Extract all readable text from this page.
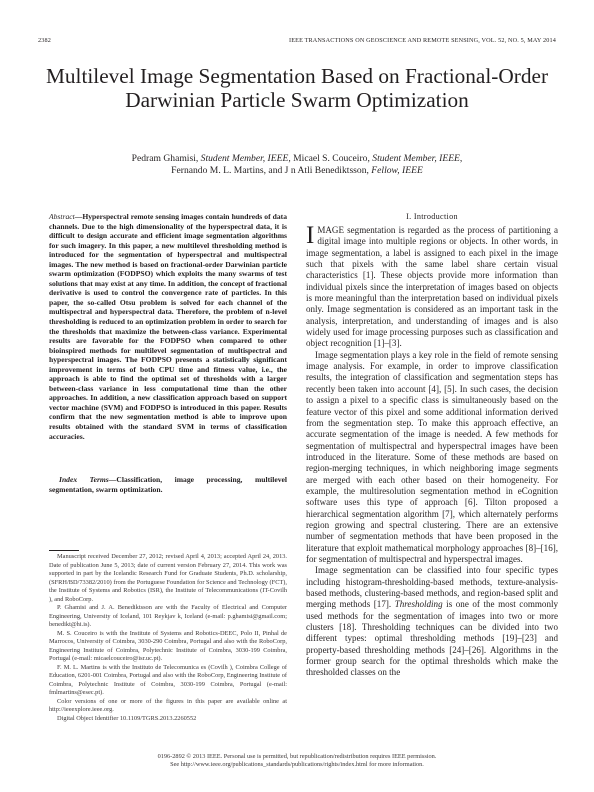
2382	IEEE TRANSACTIONS ON GEOSCIENCE AND REMOTE SENSING, VOL. 52, NO. 5, MAY 2014
Multilevel Image Segmentation Based on Fractional-Order Darwinian Particle Swarm Optimization
Pedram Ghamisi, Student Member, IEEE, Micael S. Couceiro, Student Member, IEEE,
Fernando M. L. Martins, and J n Atli Benediktsson, Fellow, IEEE
Abstract—Hyperspectral remote sensing images contain hundreds of data channels. Due to the high dimensionality of the hyperspectral data, it is difficult to design accurate and efficient image segmentation algorithms for such imagery. In this paper, a new multilevel thresholding method is introduced for the segmentation of hyperspectral and multispectral images. The new method is based on fractional-order Darwinian particle swarm optimization (FODPSO) which exploits the many swarms of test solutions that may exist at any time. In addition, the concept of fractional derivative is used to control the convergence rate of particles. In this paper, the so-called Otsu problem is solved for each channel of the multispectral and hyperspectral data. Therefore, the problem of n-level thresholding is reduced to an optimization problem in order to search for the thresholds that maximize the between-class variance. Experimental results are favorable for the FODPSO when compared to other bioinspired methods for multilevel segmentation of multispectral and hyperspectral images. The FODPSO presents a statistically significant improvement in terms of both CPU time and fitness value, i.e., the approach is able to find the optimal set of thresholds with a larger between-class variance in less computational time than the other approaches. In addition, a new classification approach based on support vector machine (SVM) and FODPSO is introduced in this paper. Results confirm that the new segmentation method is able to improve upon results obtained with the standard SVM in terms of classification accuracies.
Index Terms—Classification, image processing, multilevel segmentation, swarm optimization.

Manuscript received December 27, 2012; revised April 4, 2013; accepted April 24, 2013. Date of publication June 5, 2013; date of current version February 27, 2014. This work was supported in part by the Icelandic Research Fund for Graduate Students, Ph.D. scholarship, (SFRH/BD/73382/2010) from the Portuguese Foundation for Science and Technology (FCT), the Institute of Systems and Robotics (ISR), the Institute of Telecommunications (IT-Covilh ), and RoboCorp.

P. Ghamisi and J. A. Benediktsson are with the Faculty of Electrical and Computer Engineering, University of Iceland, 101 Reykjav k, Iceland (e-mail: p.ghamisi@gmail.com; benedikt@hi.is).

M. S. Couceiro is with the Institute of Systems and Robotics-DEEC, Polo II, Pinhal de Marrocos, University of Coimbra, 3030-290 Coimbra, Portugal and also with the RoboCorp, Engineering Institute of Coimbra, Polytechnic Institute of Coimbra, 3030-199 Coimbra, Portugal (e-mail: micaelcouceiro@isr.uc.pt).

F. M. L. Martins is with the Instituto de Telecomunica es (Covilh ), Coimbra College of Education, 6201-001 Coimbra, Portugal and also with the RoboCorp, Engineering Institute of Coimbra, Polytechnic Institute of Coimbra, 3030-199 Coimbra, Portugal (e-mail: fmlmartins@esec.pt).

Color versions of one or more of the figures in this paper are available online at http://ieeexplore.ieee.org.

Digital Object Identifier 10.1109/TGRS.2013.2260552

I. Introduction

IMAGE segmentation is regarded as the process of partitioning a digital image into multiple regions or objects. In other words, in image segmentation, a label is assigned to each pixel in the image such that pixels with the same label share certain visual characteristics [1]. These objects provide more information than individual pixels since the interpretation of images based on objects is more meaningful than the interpretation based on individual pixels only. Image segmentation is considered as an important task in the analysis, interpretation, and understanding of images and is also widely used for image processing purposes such as classification and object recognition [1]–[3].

Image segmentation plays a key role in the field of remote sensing image analysis. For example, in order to improve classification results, the integration of classification and segmentation steps has recently been taken into account [4], [5]. In such cases, the decision to assign a pixel to a specific class is simultaneously based on the feature vector of this pixel and some additional information derived from the segmentation step. To make this approach effective, an accurate segmentation of the image is needed. A few methods for segmentation of multispectral and hyperspectral images have been introduced in the literature. Some of these methods are based on region-merging techniques, in which neighboring image segments are merged with each other based on their homogeneity. For example, the multiresolution segmentation method in eCognition software uses this type of approach [6]. Tilton proposed a hierarchical segmentation algorithm [7], which alternately performs region growing and spectral clustering. There are an extensive number of segmentation methods that have been proposed in the literature that exploit mathematical morphology approaches [8]–[16], for segmentation of multispectral and hyperspectral images.

Image segmentation can be classified into four specific types including histogram-thresholding-based methods, texture-analysis-based methods, clustering-based methods, and region-based split and merging methods [17]. Thresholding is one of the most commonly used methods for the segmentation of images into two or more clusters [18]. Thresholding techniques can be divided into two different types: optimal thresholding methods [19]–[23] and property-based thresholding methods [24]–[26]. Algorithms in the former group search for the optimal thresholds which make the thresholded classes on the

0196-2892 © 2013 IEEE. Personal use is permitted, but republication/redistribution requires IEEE permission.
See http://www.ieee.org/publications_standards/publications/rights/index.html for more information.
